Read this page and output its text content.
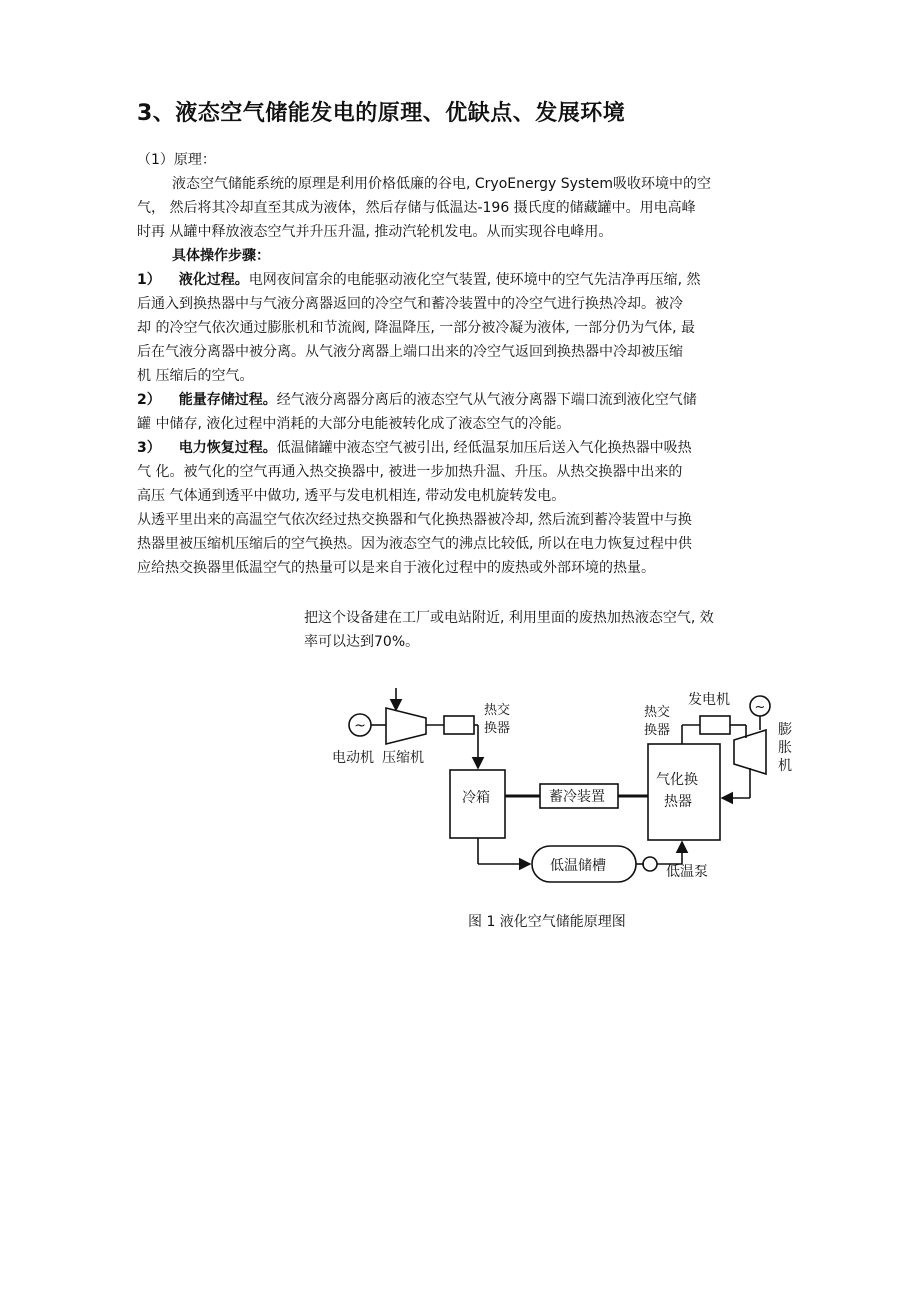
3、液态空气储能发电的原理、优缺点、发展环境
（1）原理：
液态空气储能系统的原理是利用价格低廉的谷电, CryoEnergy System吸收环境中的空
气， 然后将其冷却直至其成为液体，然后存储与低温达-196 摄氏度的储藏罐中。用电高峰
时再 从罐中释放液态空气并升压升温, 推动汽轮机发电。从而实现谷电峰用。
具体操作步骤：
1） 液化过程。电网夜间富余的电能驱动液化空气装置, 使环境中的空气先洁净再压缩, 然
后通入到换热器中与气液分离器返回的冷空气和蓄冷装置中的冷空气进行换热冷却。被冷
却 的冷空气依次通过膨胀机和节流阀, 降温降压, 一部分被冷凝为液体, 一部分仍为气体, 最
后在气液分离器中被分离。从气液分离器上端口出来的冷空气返回到换热器中冷却被压缩
机 压缩后的空气。
2） 能量存储过程。经气液分离器分离后的液态空气从气液分离器下端口流到液化空气储
罐 中储存, 液化过程中消耗的大部分电能被转化成了液态空气的冷能。
3） 电力恢复过程。低温储罐中液态空气被引出, 经低温泵加压后送入气化换热器中吸热
气 化。被气化的空气再通入热交换器中, 被进一步加热升温、升压。从热交换器中出来的
高压 气体通到透平中做功, 透平与发电机相连, 带动发电机旋转发电。
从透平里出来的高温空气依次经过热交换器和气化换热器被冷却, 然后流到蓄冷装置中与换
热器里被压缩机压缩后的空气换热。因为液态空气的沸点比较低, 所以在电力恢复过程中供
应给热交换器里低温空气的热量可以是来自于液化过程中的废热或外部环境的热量。
把这个设备建在工厂或电站附近, 利用里面的废热加热液态空气, 效
率可以达到70%。
~
~
电动机 压缩机
热交
换器
冷箱	蓄冷装置
气化换
热器
热交
换器
发电机
膨
胀
机
低温储槽	低温泵
图 1 液化空气储能原理图
